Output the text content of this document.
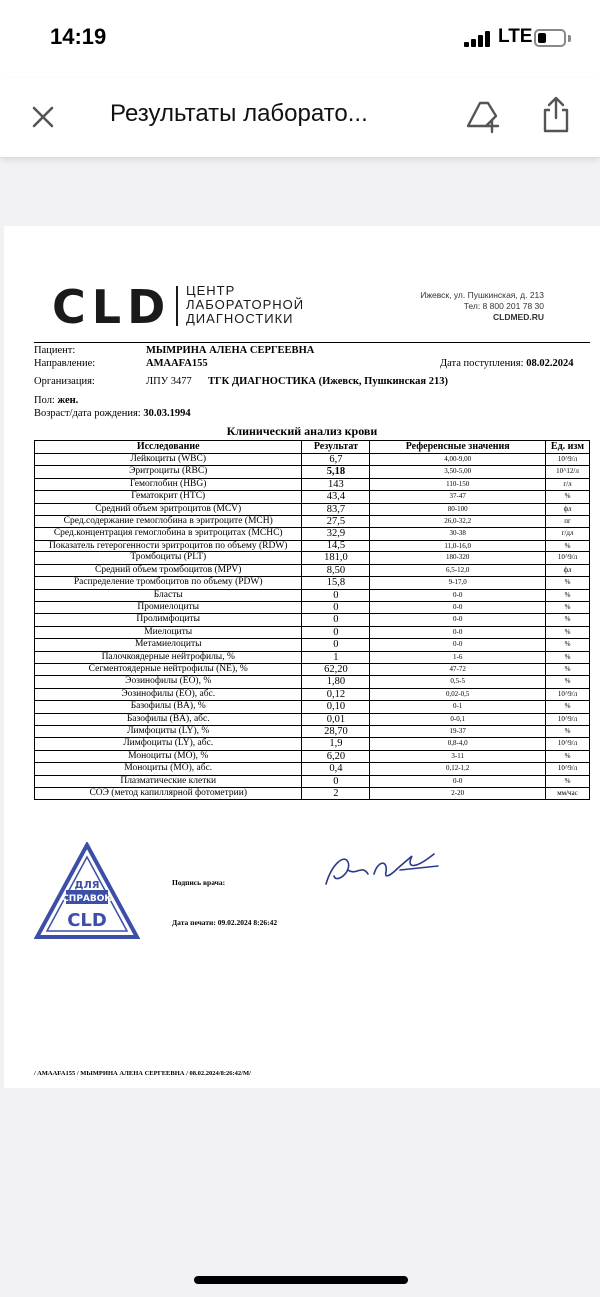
14:19	LTE
Результаты лаборато...
CLD ЦЕНТР
ЛАБОРАТОРНОЙ
ДИАГНОСТИКИ
Ижевск, ул. Пушкинская, д. 213
Тел: 8 800 201 78 30
CLDMED.RU
Пациент:	МЫМРИНА АЛЕНА СЕРГЕЕВНА
Направление:	AMAAFA155	Дата поступления: 08.02.2024
Организация:	ЛПУ 3477 ТГК ДИАГНОСТИКА (Ижевск, Пушкинская 213)
Пол: жен.
Возраст/дата рождения: 30.03.1994
Клинический анализ крови
Исследование	Результат	Референсные значения	Ед. изм
Лейкоциты (WBC)	6,7	4,00-9,00	10^9/л
Эритроциты (RBC)	5,18	3,50-5,00	10^12/л
Гемоглобин (HBG)	143	110-150	г/л
Гематокрит (HTC)	43,4	37-47	%
Средний объем эритроцитов (MCV)	83,7	80-100	фл
Сред.содержание гемоглобина в эритроците (MCH)	27,5	26,0-32,2	пг
Сред.концентрация гемоглобина в эритроцитах (MCHC)	32,9	30-38	г/дл
Показатель гетерогенности эритроцитов по объему (RDW)	14,5	11,0-16,0	%
Тромбоциты (PLT)	181,0	180-320	10^9/л
Средний объем тромбоцитов (MPV)	8,50	6,5-12,0	фл
Распределение тромбоцитов по объему (PDW)	15,8	9-17,0	%
Бласты	0	0-0	%
Промиелоциты	0	0-0	%
Пролимфоциты	0	0-0	%
Миелоциты	0	0-0	%
Метамиелоциты	0	0-0	%
Палочкоядерные нейтрофилы, %	1	1-6	%
Сегментоядерные нейтрофилы (NE), %	62,20	47-72	%
Эозинофилы (EO), %	1,80	0,5-5	%
Эозинофилы (EO), абс.	0,12	0,02-0,5	10^9/л
Базофилы (BA), %	0,10	0-1	%
Базофилы (BA), абс.	0,01	0-0,1	10^9/л
Лимфоциты (LY), %	28,70	19-37	%
Лимфоциты (LY), абс.	1,9	0,8-4,0	10^9/л
Моноциты (MO), %	6,20	3-11	%
Моноциты (MO), абс.	0,4	0,12-1,2	10^9/л
Плазматические клетки	0	0-0	%
СОЭ (метод капиллярной фотометрии)	2	2-20	мм/час
ДЛЯ
СПРАВОК
CLD
Подпись врача:
Дата печати: 09.02.2024 8:26:42
/ AMAAFA155 / МЫМРИНА АЛЕНА СЕРГЕЕВНА / 08.02.2024/8:26:42/M/
